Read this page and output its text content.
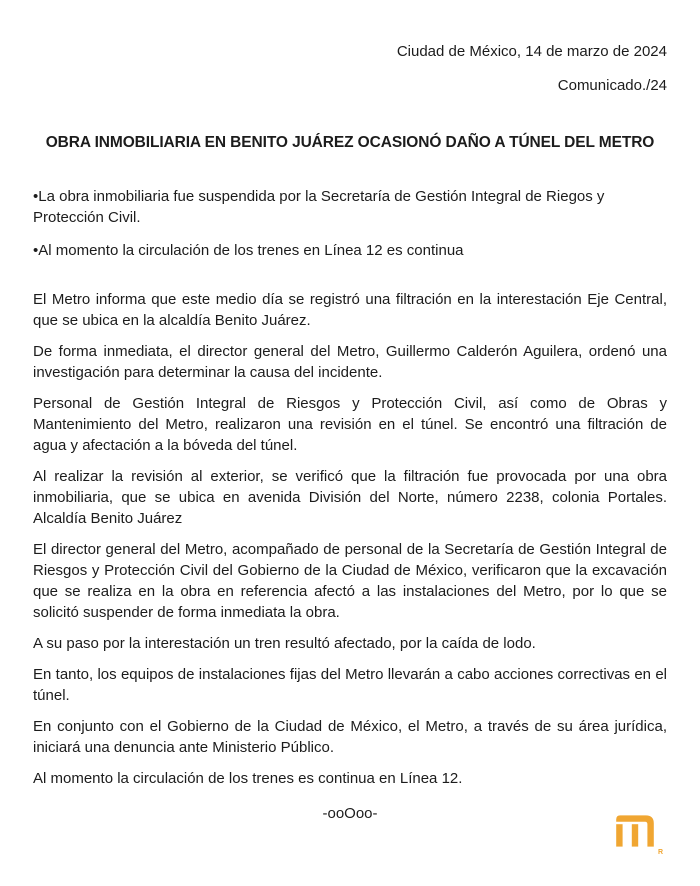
Ciudad de México, 14 de marzo de 2024
Comunicado./24
OBRA INMOBILIARIA EN BENITO JUÁREZ OCASIONÓ DAÑO A TÚNEL DEL METRO

•La obra inmobiliaria fue suspendida por la Secretaría de Gestión Integral de Riegos y Protección Civil.

•Al momento la circulación de los trenes en Línea 12 es continua

El Metro informa que este medio día se registró una filtración en la interestación Eje Central, que se ubica en la alcaldía Benito Juárez.

De forma inmediata, el director general del Metro, Guillermo Calderón Aguilera, ordenó una investigación para determinar la causa del incidente.

Personal de Gestión Integral de Riesgos y Protección Civil, así como de Obras y Mantenimiento del Metro, realizaron una revisión en el túnel. Se encontró una filtración de agua y afectación a la bóveda del túnel.

Al realizar la revisión al exterior, se verificó que la filtración fue provocada por una obra inmobiliaria, que se ubica en avenida División del Norte, número 2238, colonia Portales. Alcaldía Benito Juárez

El director general del Metro, acompañado de personal de la Secretaría de Gestión Integral de Riesgos y Protección Civil del Gobierno de la Ciudad de México, verificaron que la excavación que se realiza en la obra en referencia afectó a las instalaciones del Metro, por lo que se solicitó suspender de forma inmediata la obra.

A su paso por la interestación un tren resultó afectado, por la caída de lodo.

En tanto, los equipos de instalaciones fijas del Metro llevarán a cabo acciones correctivas en el túnel.

En conjunto con el Gobierno de la Ciudad de México, el Metro, a través de su área jurídica, iniciará una denuncia ante Ministerio Público.

Al momento la circulación de los trenes es continua en Línea 12.

-ooOoo-
R
